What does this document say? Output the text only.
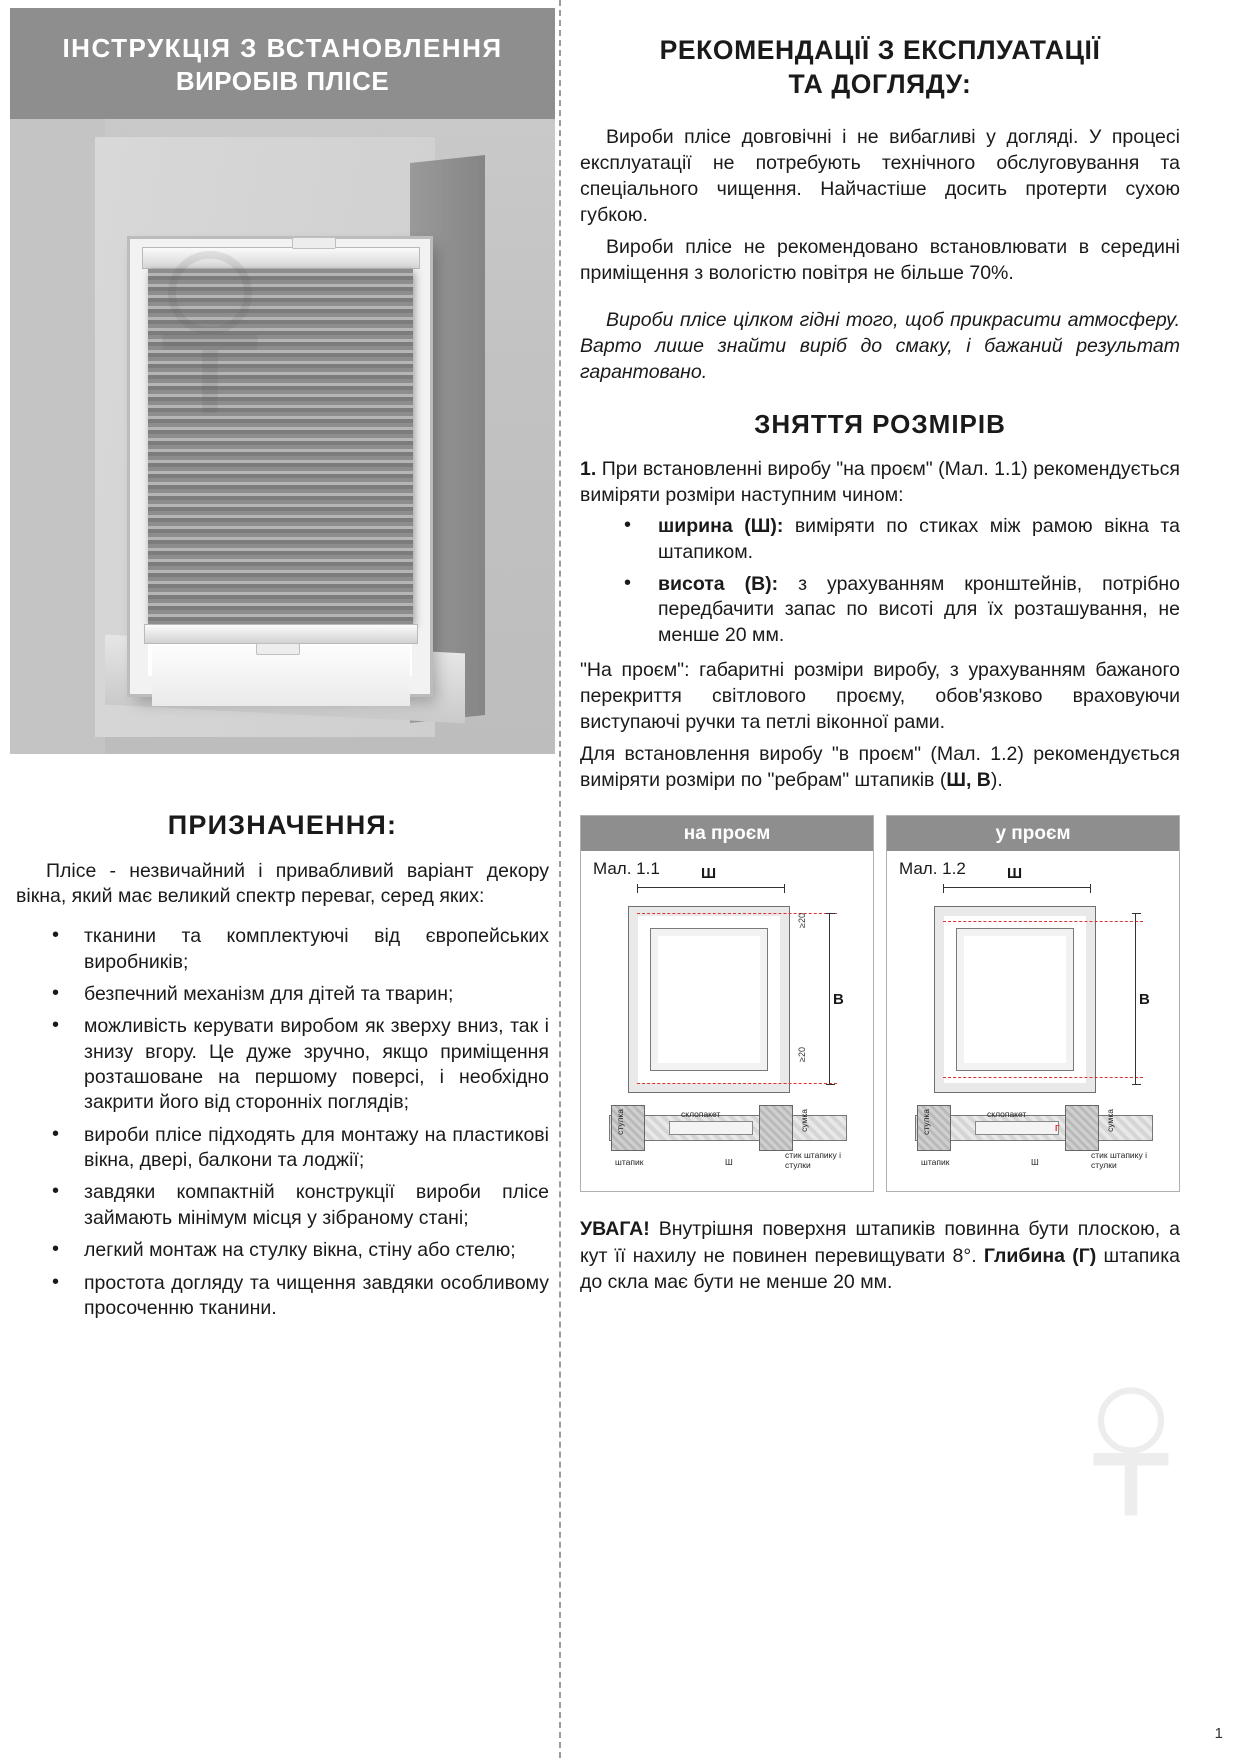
ІНСТРУКЦІЯ З ВСТАНОВЛЕННЯ
ВИРОБІВ ПЛІСЕ
ПРИЗНАЧЕННЯ:

Пліcе - незвичайний і привабливий варіант декору вікна, який має великий спектр переваг, серед яких:

• тканини та комплектуючі від європейських виробників;
• безпечний механізм для дітей та тварин;
• можливість керувати виробом як зверху вниз, так і знизу вгору. Це дуже зручно, якщо приміщення розташоване на першому поверсі, і необхідно закрити його від сторонніх поглядів;
• вироби пліcе підходять для монтажу на пластикові вікна, двері, балкони та лоджії;
• завдяки компактній конструкції вироби пліcе займають мінімум місця у зібраному стані;
• легкий монтаж на стулку вікна, стіну або стелю;
• простота догляду та чищення завдяки особливому просоченню тканини.
РЕКОМЕНДАЦІЇ З ЕКСПЛУАТАЦІЇ
ТА ДОГЛЯДУ:

Вироби пліcе довговічні і не вибагливі у догляді. У процесі експлуатації не потребують технічного обслуговування та спеціального чищення. Найчастіше досить протерти сухою губкою.

Вироби пліcе не рекомендовано встановлювати в середині приміщення з вологістю повітря не більше 70%.

Вироби пліcе цілком гідні того, щоб прикрасити атмосферу. Варто лише знайти виріб до смаку, і бажаний результат гарантовано.

ЗНЯТТЯ РОЗМІРІВ

1. При встановленні виробу "на проєм" (Мал. 1.1) рекомендується виміряти розміри наступним чином:

• ширина (Ш): виміряти по стиках між рамою вікна та штапиком.
• висота (В): з урахуванням кронштейнів, потрібно передбачити запас по висоті для їх розташування, не менше 20 мм.

"На проєм": габаритні розміри виробу, з урахуванням бажаного перекриття світлового проєму, обов'язково враховуючи виступаючі ручки та петлі віконної рами.

Для встановлення виробу "в проєм" (Мал. 1.2) рекомендується виміряти розміри по "ребрам" штапиків (Ш, В).

на проєм
Мал. 1.1	Ш
В
≥20
≥20
стулка	сумка
склопакет
штапик	Ш
стик штапику і стулки
у проєм
Мал. 1.2	Ш
В
стулка	сумка
склопакет
штапик	Ш
стик штапику і стулки
Г

УВАГА! Внутрішня поверхня штапиків повинна бути плоскою, а кут її нахилу не повинен перевищувати 8°. Глибина (Г) штапика до скла має бути не менше 20 мм.

1
